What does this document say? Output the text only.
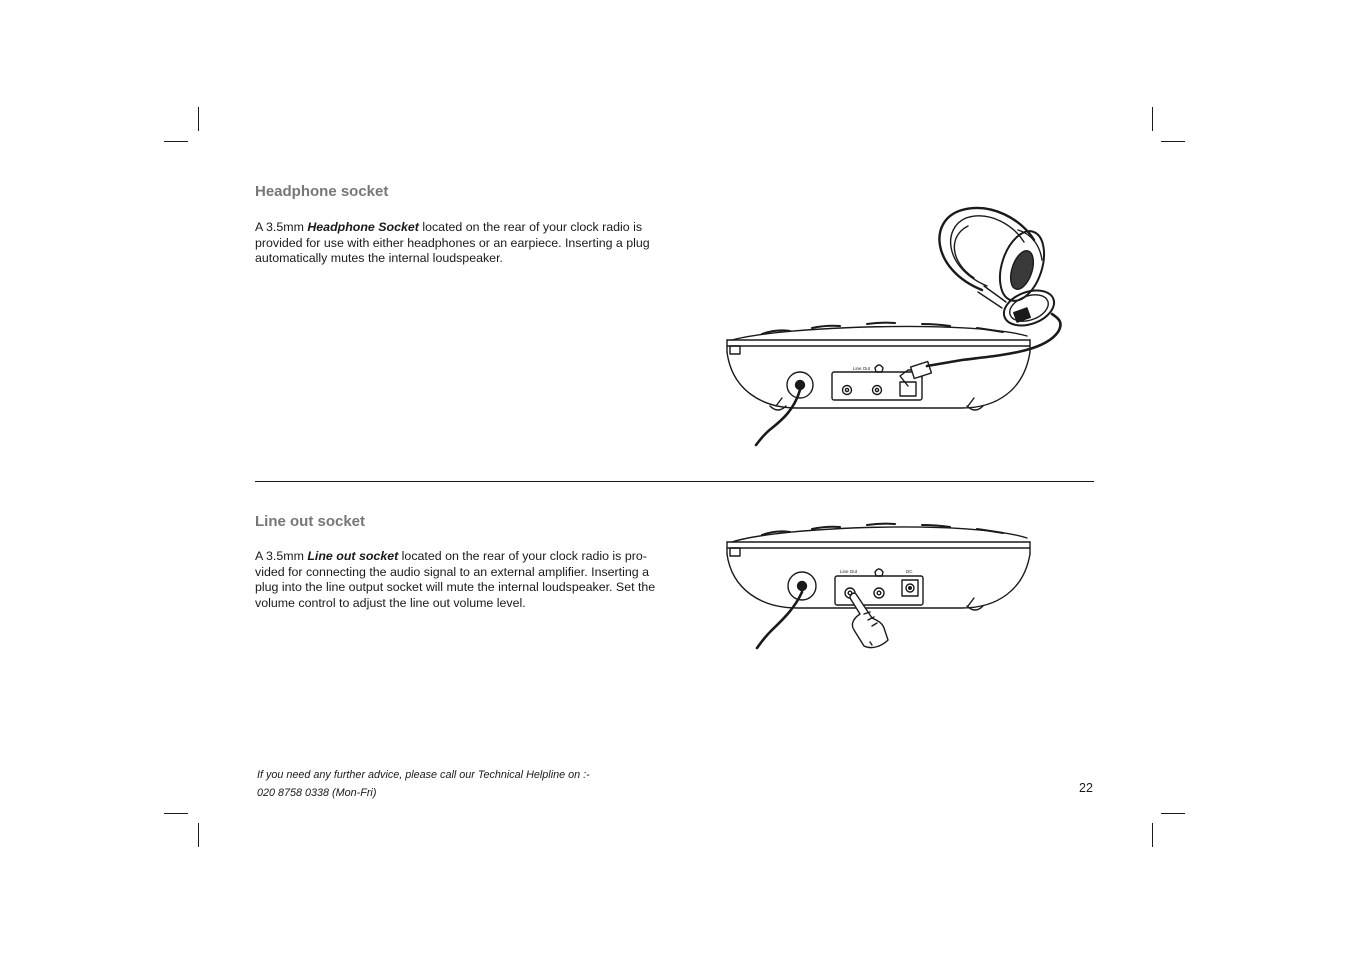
Headphone socket

A 3.5mm Headphone Socket located on the rear of your clock radio is
provided for use with either headphones or an earpiece. Inserting a plug
automatically mutes the internal loudspeaker.

Line Out
Line out socket

A 3.5mm Line out socket located on the rear of your clock radio is pro-
vided for connecting the audio signal to an external amplifier. Inserting a
plug into the line output socket will mute the internal loudspeaker. Set the
volume control to adjust the line out volume level.

Line Out	DC

If you need any further advice, please call our Technical Helpline on :-

020 8758 0338 (Mon-Fri)	22
